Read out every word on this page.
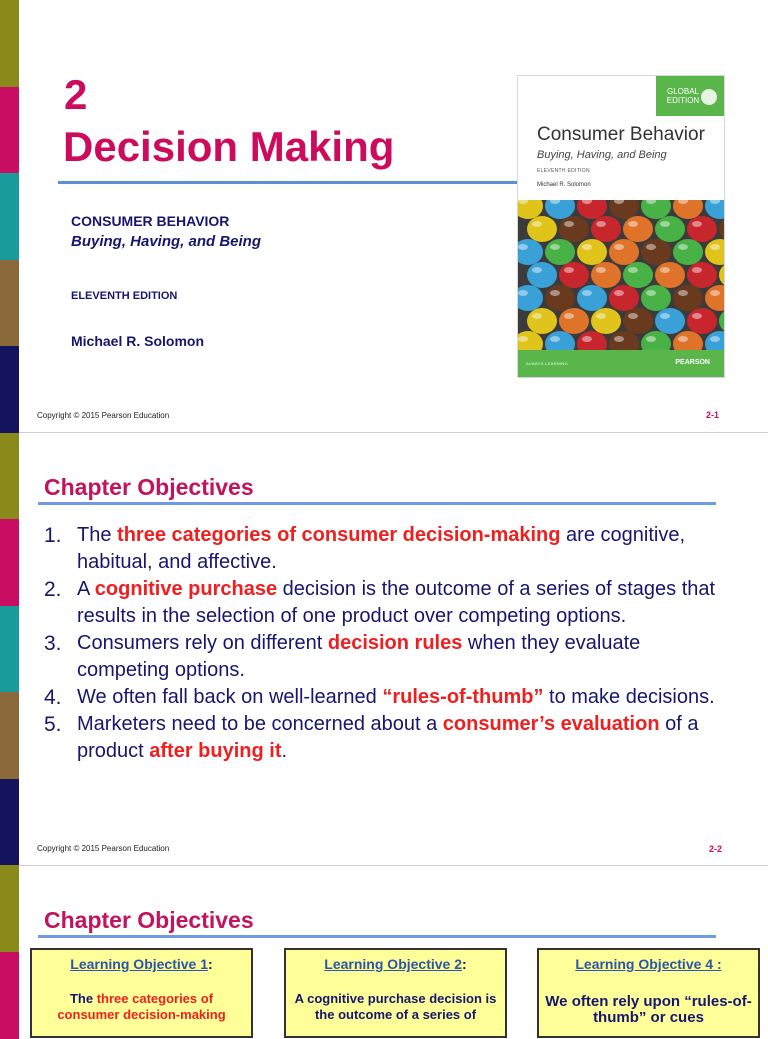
2
Decision Making
CONSUMER BEHAVIOR
Buying, Having, and Being
ELEVENTH EDITION
Michael R. Solomon
GLOBAL EDITION
Consumer Behavior
Buying, Having, and Being
ELEVENTH EDITION
Michael R. Solomon
ALWAYS LEARNING	PEARSON
Copyright © 2015 Pearson Education	2-1
Chapter Objectives
Copyright © 2015 Pearson Education	2-2
1. The three categories of consumer decision-making are cognitive, habitual, and affective.
2. A cognitive purchase decision is the outcome of a series of stages that results in the selection of one product over competing options.
3. Consumers rely on different decision rules when they evaluate competing options.
4. We often fall back on well-learned “rules-of-thumb” to make decisions.
5. Marketers need to be concerned about a consumer’s evaluation of a product after buying it.
Chapter Objectives
Learning Objective 1:
The three categories of consumer decision-making
Learning Objective 2:
A cognitive purchase decision is the outcome of a series of
Learning Objective 4 :
We often rely upon “rules-of-thumb” or cues
